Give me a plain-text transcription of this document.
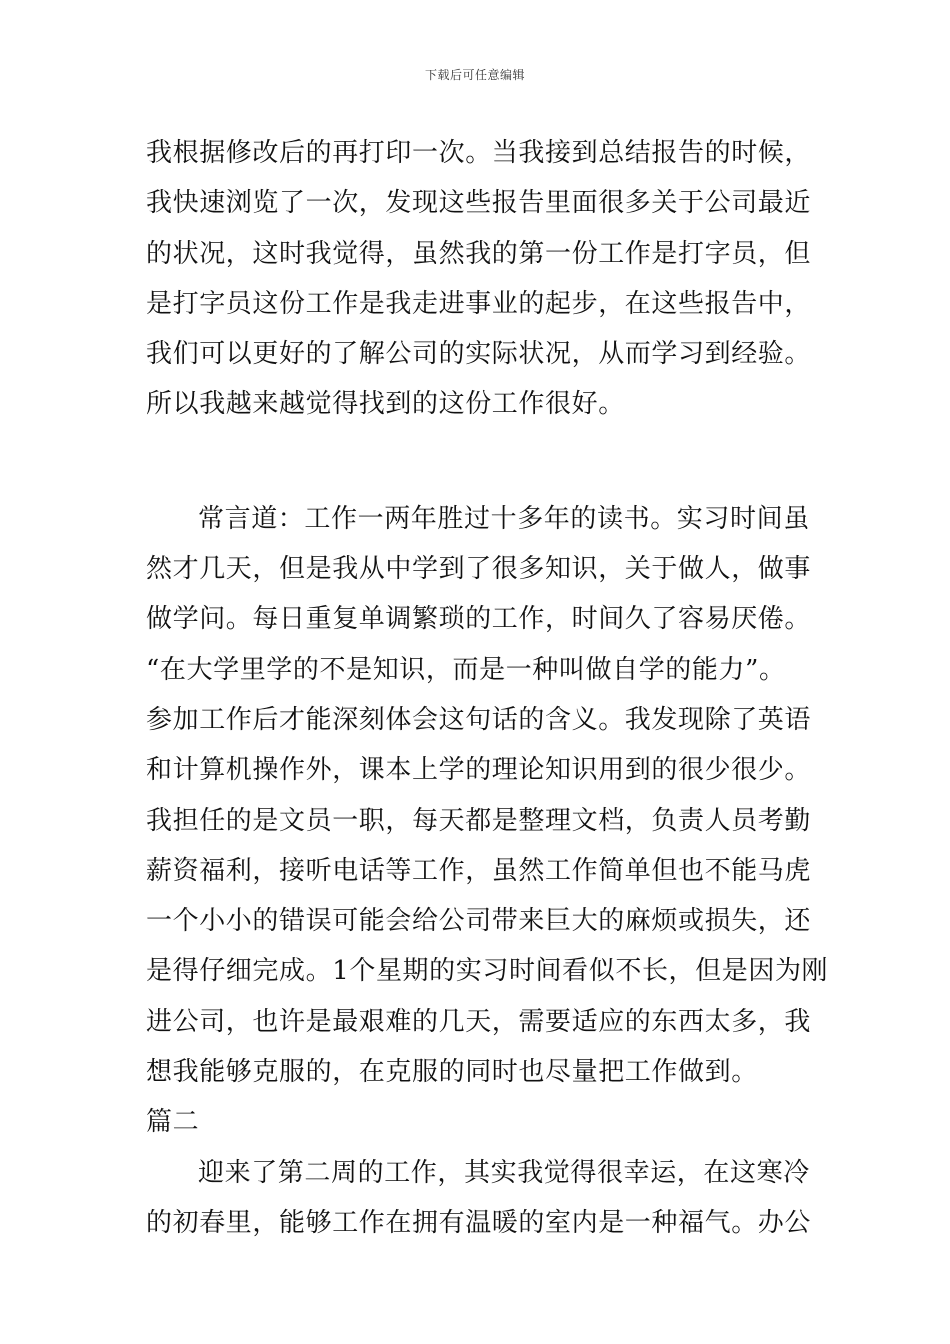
下载后可任意编辑
我根据修改后的再打印一次。当我接到总结报告的时候，
我快速浏览了一次，发现这些报告里面很多关于公司最近
的状况，这时我觉得，虽然我的第一份工作是打字员，但
是打字员这份工作是我走进事业的起步，在这些报告中，
我们可以更好的了解公司的实际状况，从而学习到经验。
所以我越来越觉得找到的这份工作很好。
常言道：工作一两年胜过十多年的读书。实习时间虽
然才几天，但是我从中学到了很多知识，关于做人，做事
做学问。每日重复单调繁琐的工作，时间久了容易厌倦。
“在大学里学的不是知识，而是一种叫做自学的能力”。
参加工作后才能深刻体会这句话的含义。我发现除了英语
和计算机操作外，课本上学的理论知识用到的很少很少。
我担任的是文员一职，每天都是整理文档，负责人员考勤
薪资福利，接听电话等工作，虽然工作简单但也不能马虎
一个小小的错误可能会给公司带来巨大的麻烦或损失，还
是得仔细完成。1个星期的实习时间看似不长，但是因为刚
进公司，也许是最艰难的几天，需要适应的东西太多，我
想我能够克服的，在克服的同时也尽量把工作做到。
篇二
迎来了第二周的工作，其实我觉得很幸运，在这寒冷
的初春里，能够工作在拥有温暖的室内是一种福气。办公
